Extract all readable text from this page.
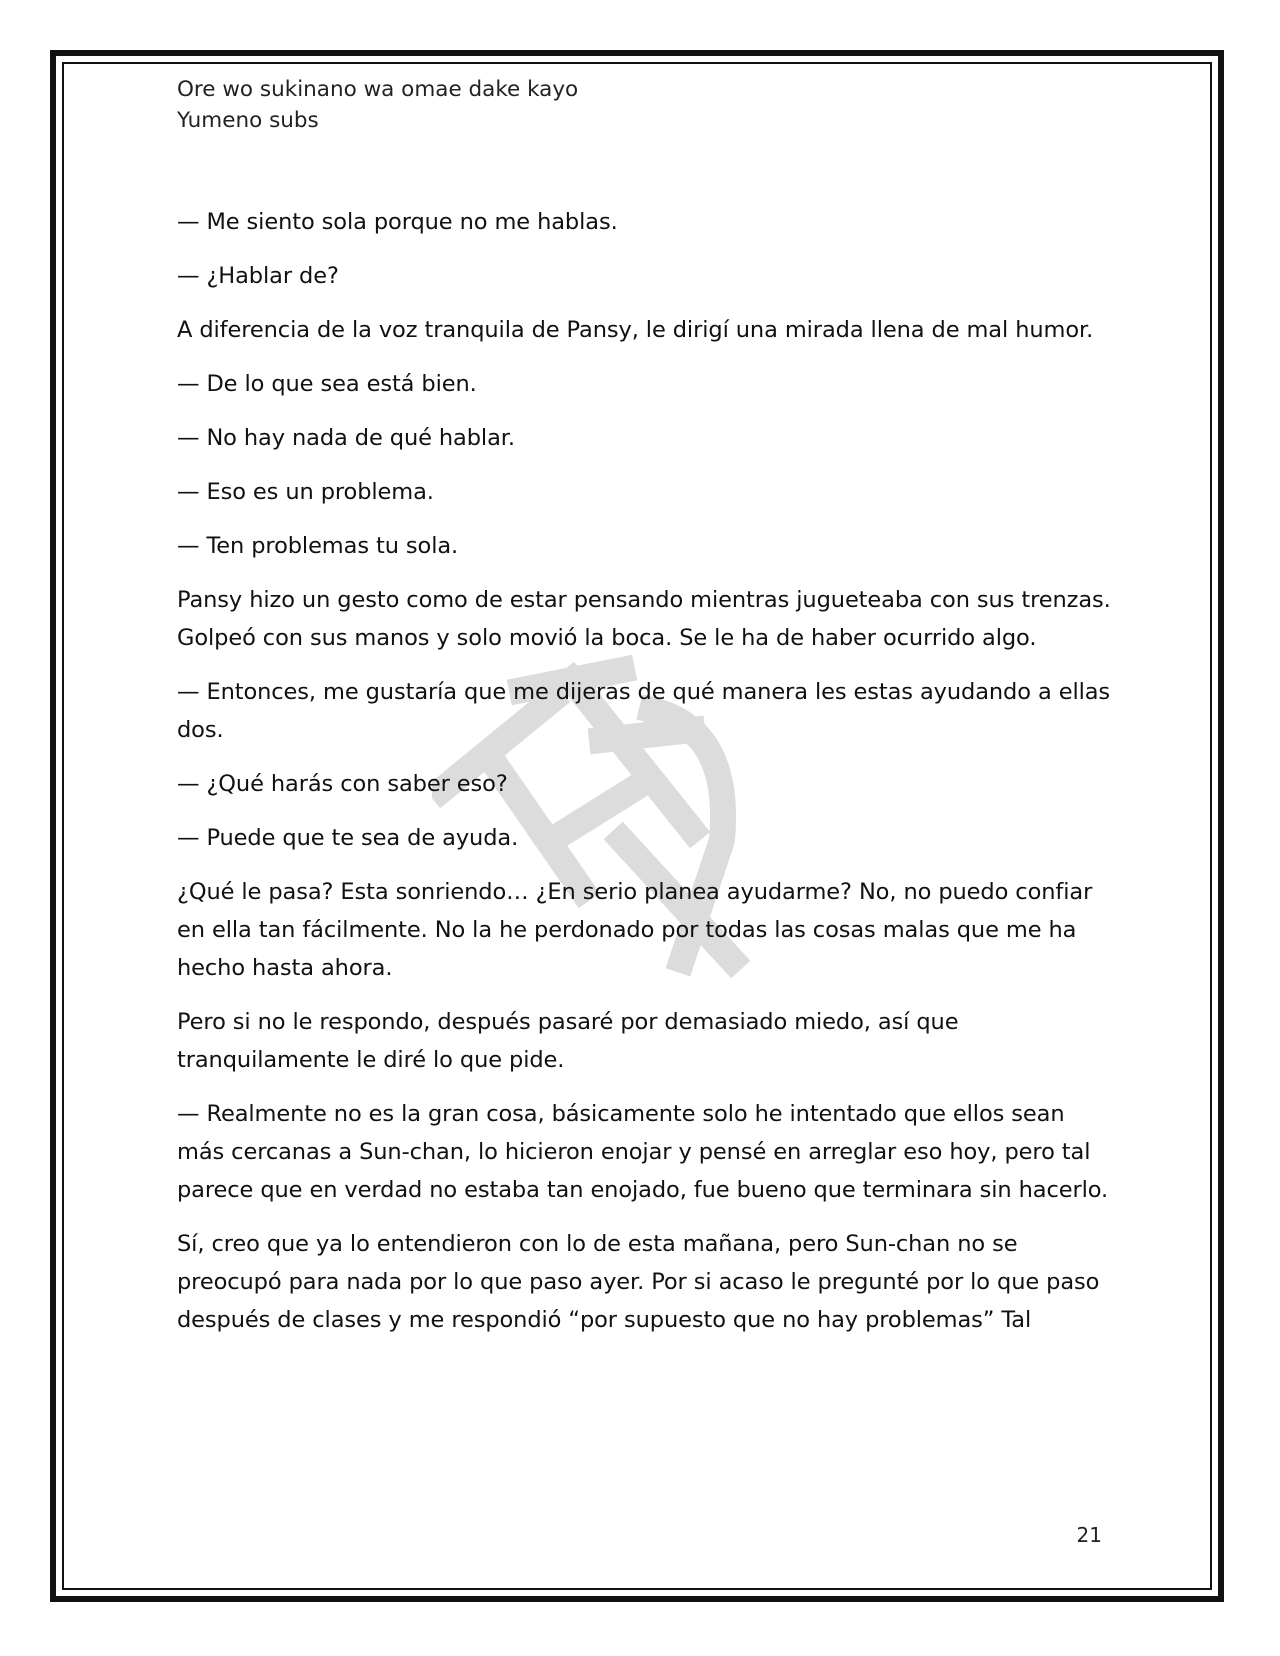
Ore wo sukinano wa omae dake kayo
Yumeno subs

— Me siento sola porque no me hablas.

— ¿Hablar de?

A diferencia de la voz tranquila de Pansy, le dirigí una mirada llena de mal humor.

— De lo que sea está bien.

— No hay nada de qué hablar.

— Eso es un problema.

— Ten problemas tu sola.

Pansy hizo un gesto como de estar pensando mientras jugueteaba con sus trenzas. Golpeó con sus manos y solo movió la boca. Se le ha de haber ocurrido algo.

— Entonces, me gustaría que me dijeras de qué manera les estas ayudando a ellas dos.

— ¿Qué harás con saber eso?

— Puede que te sea de ayuda.

¿Qué le pasa? Esta sonriendo… ¿En serio planea ayudarme? No, no puedo confiar en ella tan fácilmente. No la he perdonado por todas las cosas malas que me ha hecho hasta ahora.

Pero si no le respondo, después pasaré por demasiado miedo, así que tranquilamente le diré lo que pide.

— Realmente no es la gran cosa, básicamente solo he intentado que ellos sean más cercanas a Sun-chan, lo hicieron enojar y pensé en arreglar eso hoy, pero tal parece que en verdad no estaba tan enojado, fue bueno que terminara sin hacerlo.

Sí, creo que ya lo entendieron con lo de esta mañana, pero Sun-chan no se preocupó para nada por lo que paso ayer. Por si acaso le pregunté por lo que paso después de clases y me respondió “por supuesto que no hay problemas” Tal

21
